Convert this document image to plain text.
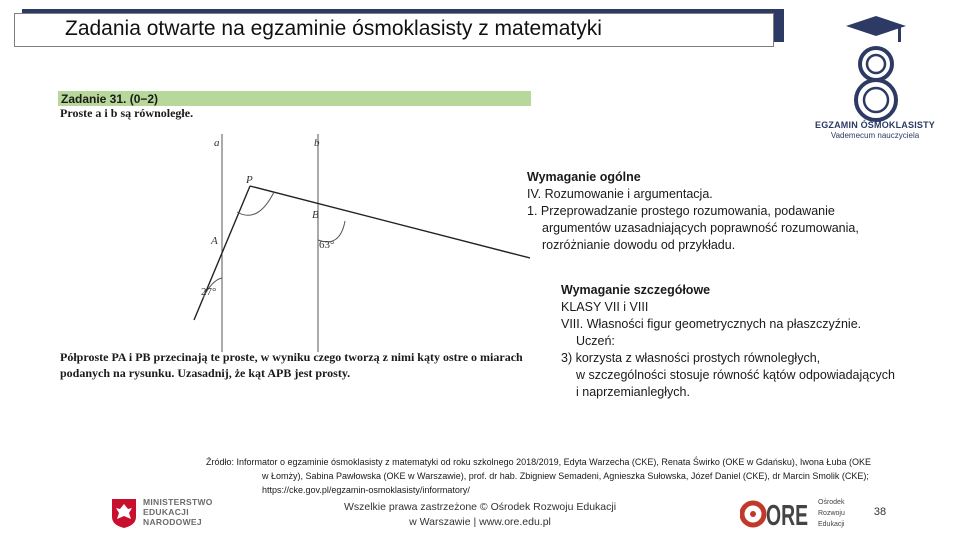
Zadania otwarte na egzaminie ósmoklasisty z matematyki
EGZAMIN ÓSMOKLASISTY
Vademecum nauczyciela
Zadanie 31. (0−2)
Proste a i b są równoległe.
a	b
P
A
B
63°
27°
Półproste PA i PB przecinają te proste, w wyniku czego tworzą z nimi kąty ostre o miarach
podanych na rysunku. Uzasadnij, że kąt APB jest prosty.
Wymaganie ogólne
IV. Rozumowanie i argumentacja.
1. Przeprowadzanie prostego rozumowania, podawanie
argumentów uzasadniających poprawność rozumowania,
rozróżnianie dowodu od przykładu.
Wymaganie szczegółowe
KLASY VII i VIII
VIII. Własności figur geometrycznych na płaszczyźnie.
Uczeń:
3) korzysta z własności prostych równoległych,
w szczególności stosuje równość kątów odpowiadających
i naprzemianległych.
Źródło: Informator o egzaminie ósmoklasisty z matematyki od roku szkolnego 2018/2019, Edyta Warzecha (CKE), Renata Świrko (OKE w Gdańsku), Iwona Łuba (OKE
w Łomży), Sabina Pawłowska (OKE w Warszawie), prof. dr hab. Zbigniew Semadeni, Agnieszka Sułowska, Józef Daniel (CKE), dr Marcin Smolik (CKE);
https://cke.gov.pl/egzamin-osmoklasisty/informatory/
MINISTERSTWO
EDUKACJI
NARODOWEJ
Wszelkie prawa zastrzeżone © Ośrodek Rozwoju Edukacji
w Warszawie | www.ore.edu.pl	ORE Ośrodek
Rozwoju
Edukacji
38
